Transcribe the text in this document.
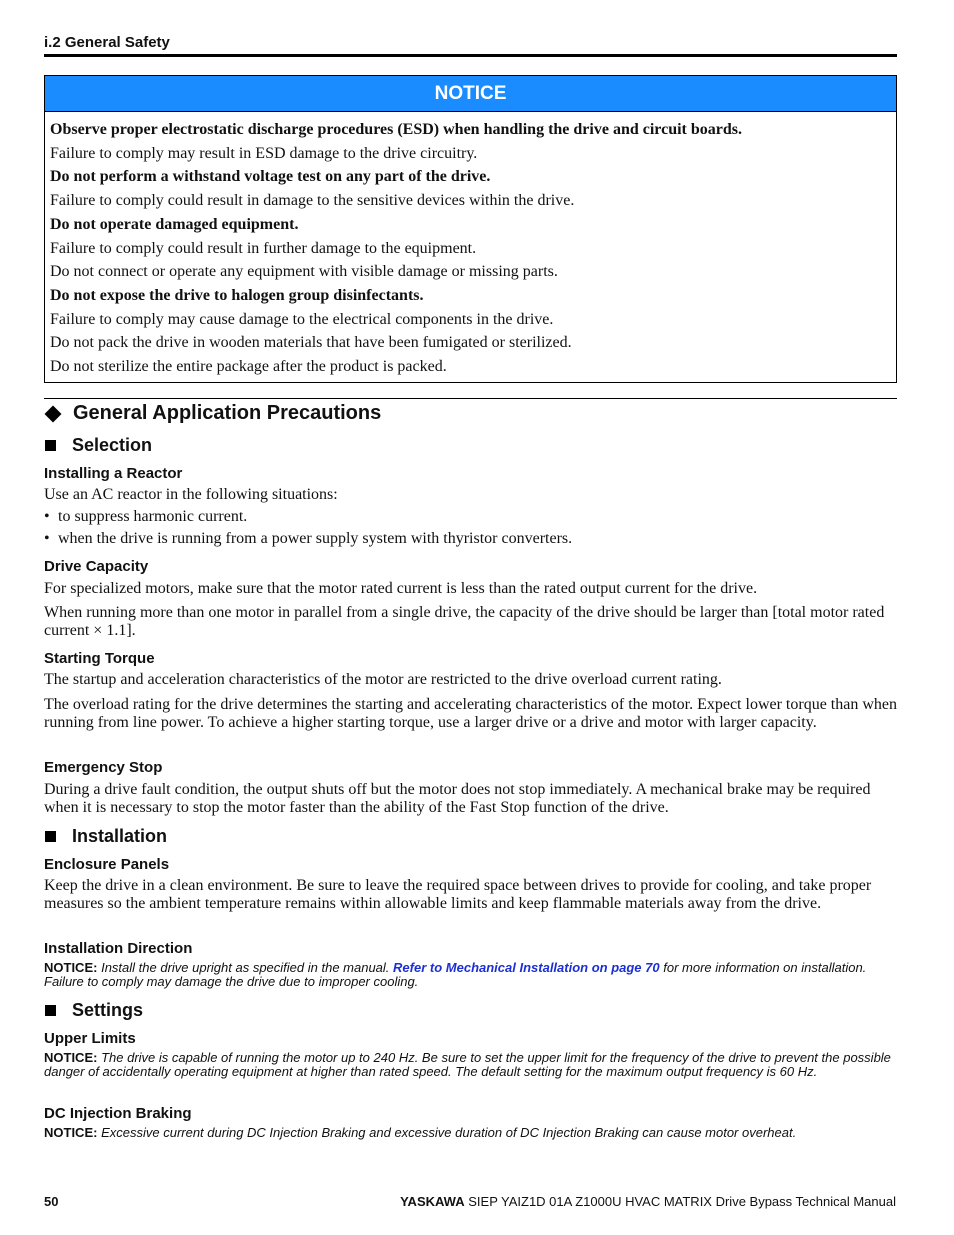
i.2 General Safety
NOTICE
Observe proper electrostatic discharge procedures (ESD) when handling the drive and circuit boards.
Failure to comply may result in ESD damage to the drive circuitry.
Do not perform a withstand voltage test on any part of the drive.
Failure to comply could result in damage to the sensitive devices within the drive.
Do not operate damaged equipment.
Failure to comply could result in further damage to the equipment.
Do not connect or operate any equipment with visible damage or missing parts.
Do not expose the drive to halogen group disinfectants.
Failure to comply may cause damage to the electrical components in the drive.
Do not pack the drive in wooden materials that have been fumigated or sterilized.
Do not sterilize the entire package after the product is packed.
General Application Precautions
Selection
Installing a Reactor
Use an AC reactor in the following situations:
• to suppress harmonic current.
• when the drive is running from a power supply system with thyristor converters.
Drive Capacity
For specialized motors, make sure that the motor rated current is less than the rated output current for the drive.
When running more than one motor in parallel from a single drive, the capacity of the drive should be larger than [total motor rated current × 1.1].
Starting Torque
The startup and acceleration characteristics of the motor are restricted to the drive overload current rating.
The overload rating for the drive determines the starting and accelerating characteristics of the motor. Expect lower torque than when running from line power. To achieve a higher starting torque, use a larger drive or a drive and motor with larger capacity.
Emergency Stop
During a drive fault condition, the output shuts off but the motor does not stop immediately. A mechanical brake may be required when it is necessary to stop the motor faster than the ability of the Fast Stop function of the drive.
Installation
Enclosure Panels
Keep the drive in a clean environment. Be sure to leave the required space between drives to provide for cooling, and take proper measures so the ambient temperature remains within allowable limits and keep flammable materials away from the drive.
Installation Direction
NOTICE: Install the drive upright as specified in the manual. Refer to Mechanical Installation on page 70 for more information on installation. Failure to comply may damage the drive due to improper cooling.
Settings
Upper Limits
NOTICE: The drive is capable of running the motor up to 240 Hz. Be sure to set the upper limit for the frequency of the drive to prevent the possible danger of accidentally operating equipment at higher than rated speed. The default setting for the maximum output frequency is 60 Hz.
DC Injection Braking
NOTICE: Excessive current during DC Injection Braking and excessive duration of DC Injection Braking can cause motor overheat.
50	YASKAWA SIEP YAIZ1D 01A Z1000U HVAC MATRIX Drive Bypass Technical Manual
